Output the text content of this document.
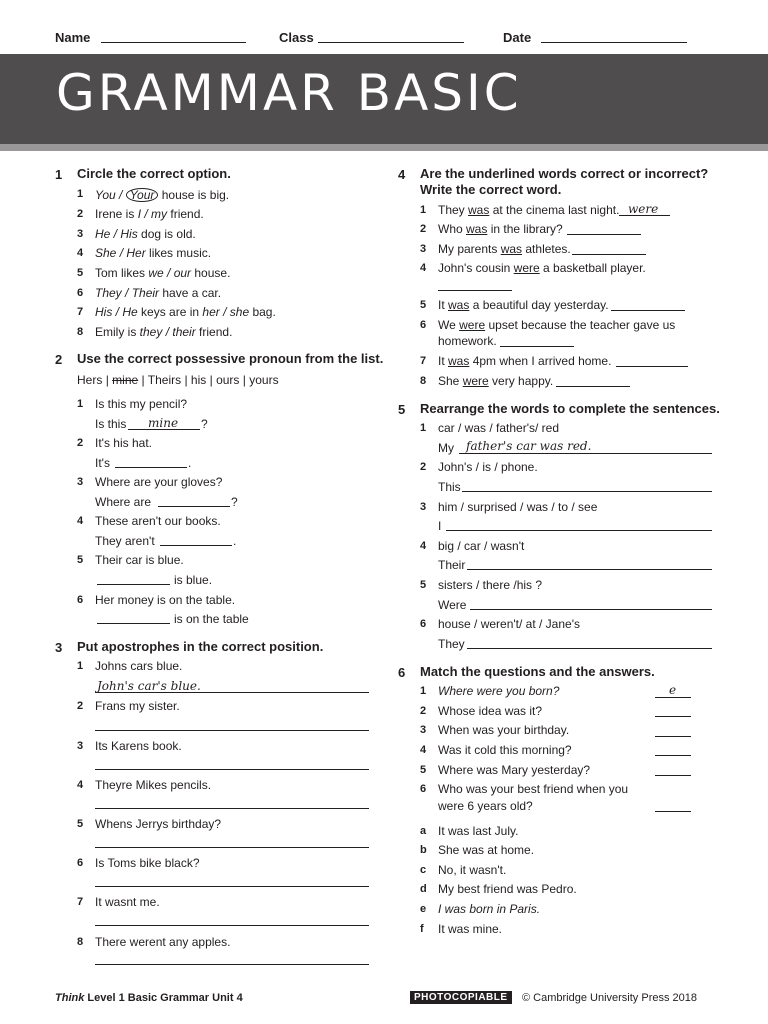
Name	Class	Date
GRAMMAR BASIC
1 Circle the correct option.
1 You / Your house is big.
2 Irene is I / my friend.
3 He / His dog is old.
4 She / Her likes music.
5 Tom likes we / our house.
6 They / Their have a car.
7 His / He keys are in her / she bag.
8 Emily is they / their friend.
2 Use the correct possessive pronoun from the list.
Hers | mine | Theirs | his | ours | yours
1 Is this my pencil?
Is this mine ?
2 It's his hat.
It's	.
3 Where are your gloves?
Where are	?
4 These aren't our books.
They aren't	.
5 Their car is blue.
is blue.
6 Her money is on the table.
is on the table
3 Put apostrophes in the correct position.
1 Johns cars blue.
John's car's blue.
2 Frans my sister.
3 Its Karens book.
4 Theyre Mikes pencils.
5 Whens Jerrys birthday?
6 Is Toms bike black?
7 It wasnt me.
8 There werent any apples.
4 Are the underlined words correct or incorrect?
Write the correct word.
1 They was at the cinema last night. were
2 Who was in the library?
3 My parents was athletes.
4 John's cousin were a basketball player.
5 It was a beautiful day yesterday.
6 We were upset because the teacher gave us
homework.
7 It was 4pm when I arrived home.
8 She were very happy.
5 Rearrange the words to complete the sentences.
1 car / was / father's/ red
My father's car was red.
2 John's / is / phone.
This
3 him / surprised / was / to / see
I
4 big / car / wasn't
Their
5 sisters / there /his ?
Were
6 house / weren't/ at / Jane's
They
6 Match the questions and the answers.
1 Where were you born?	e
2 Whose idea was it?
3 When was your birthday.
4 Was it cold this morning?
5 Where was Mary yesterday?
6 Who was your best friend when you
were 6 years old?
a It was last July.
b She was at home.
c No, it wasn't.
d My best friend was Pedro.
e I was born in Paris.
f It was mine.
Think Level 1 Basic Grammar Unit 4	PHOTOCOPIABLE	© Cambridge University Press 2018
